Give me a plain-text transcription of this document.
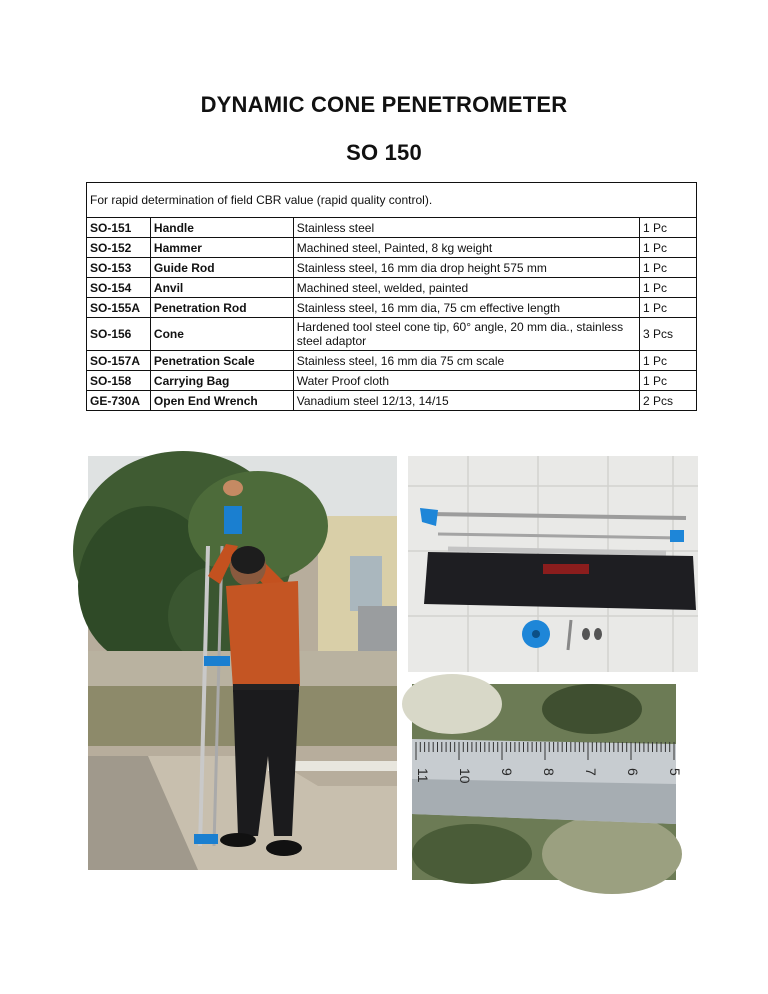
DYNAMIC CONE PENETROMETER
SO 150
For rapid determination of field CBR value (rapid quality control).			
SO-151	Handle	Stainless steel	1 Pc
SO-152	Hammer	Machined steel, Painted, 8 kg weight	1 Pc
SO-153	Guide Rod	Stainless steel, 16 mm dia drop height 575 mm	1 Pc
SO-154	Anvil	Machined steel, welded, painted	1 Pc
SO-155A	Penetration Rod	Stainless steel, 16 mm dia, 75 cm effective length	1 Pc
SO-156	Cone	Hardened tool steel cone tip, 60° angle, 20 mm dia., stainless steel adaptor	3 Pcs
SO-157A	Penetration Scale	Stainless steel, 16 mm dia 75 cm scale	1 Pc
SO-158	Carrying Bag	Water Proof cloth	1 Pc
GE-730A	Open End Wrench	Vanadium steel 12/13, 14/15	2 Pcs
11 10 9 8 7 6 5
